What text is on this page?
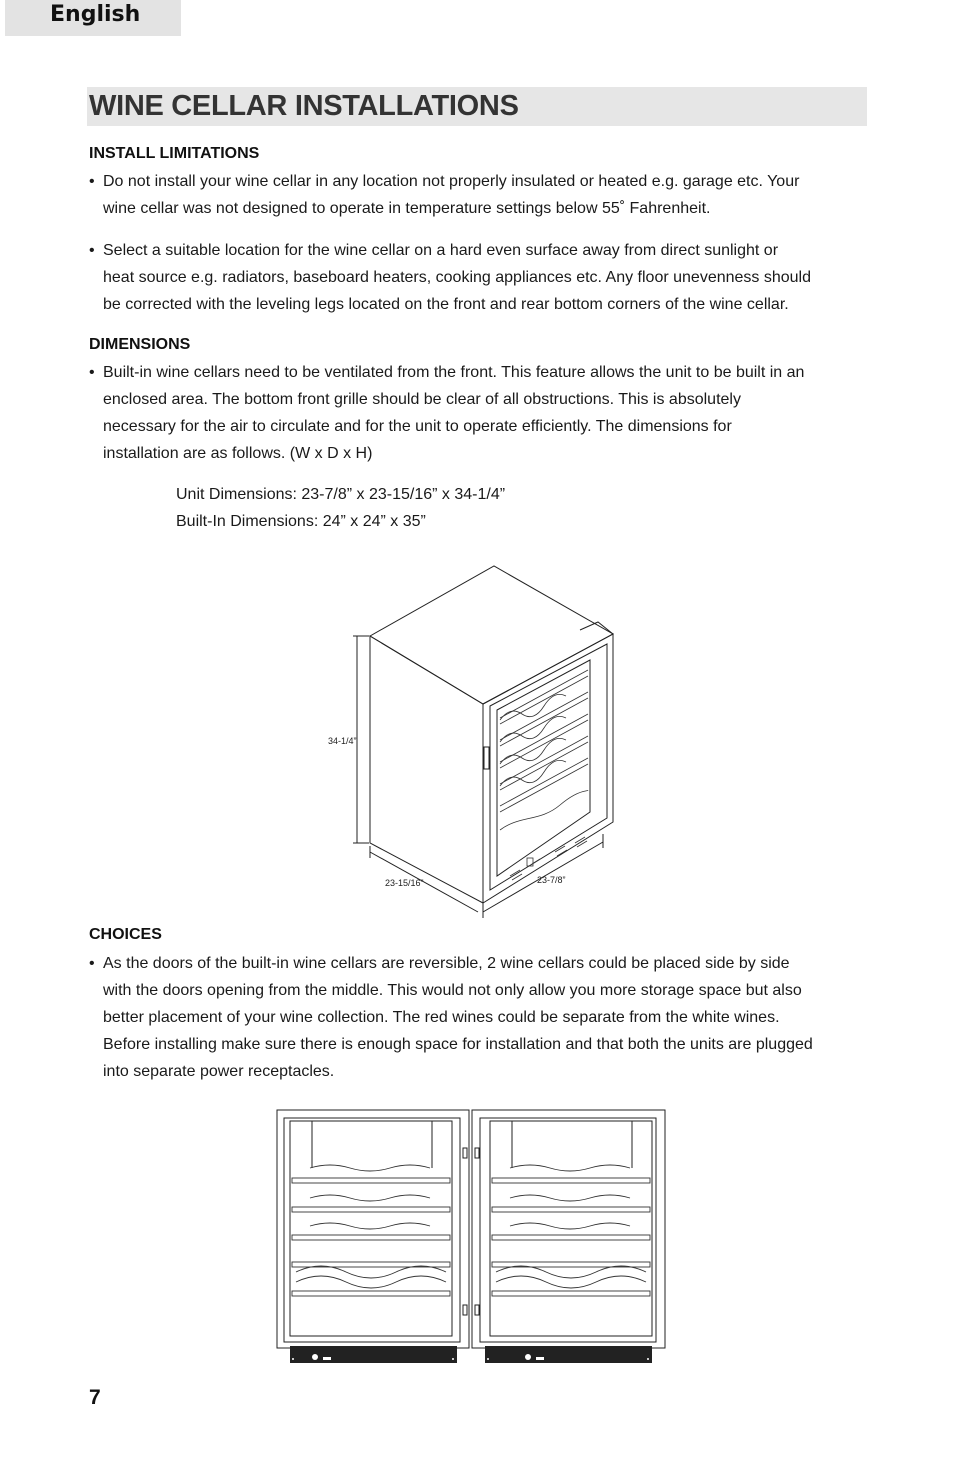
English
WINE CELLAR INSTALLATIONS
INSTALL LIMITATIONS
• Do not install your wine cellar in any location not properly insulated or heated e.g. garage etc. Your
wine cellar was not designed to operate in temperature settings below 55˚ Fahrenheit.
• Select a suitable location for the wine cellar on a hard even surface away from direct sunlight or
heat source e.g. radiators, baseboard heaters, cooking appliances etc. Any floor unevenness should
be corrected with the leveling legs located on the front and rear bottom corners of the wine cellar.
DIMENSIONS
• Built-in wine cellars need to be ventilated from the front. This feature allows the unit to be built in an
enclosed area. The bottom front grille should be clear of all obstructions. This is absolutely
necessary for the air to circulate and for the unit to operate efficiently. The dimensions for
installation are as follows. (W x D x H)
Unit Dimensions: 23-7/8” x 23-15/16” x 34-1/4”
Built-In Dimensions: 24” x 24” x 35”
34-1/4”
23-15/16”	23-7/8”
CHOICES
• As the doors of the built-in wine cellars are reversible, 2 wine cellars could be placed side by side
with the doors opening from the middle. This would not only allow you more storage space but also
better placement of your wine collection. The red wines could be separate from the white wines.
Before installing make sure there is enough space for installation and that both the units are plugged
into separate power receptacles.
7
